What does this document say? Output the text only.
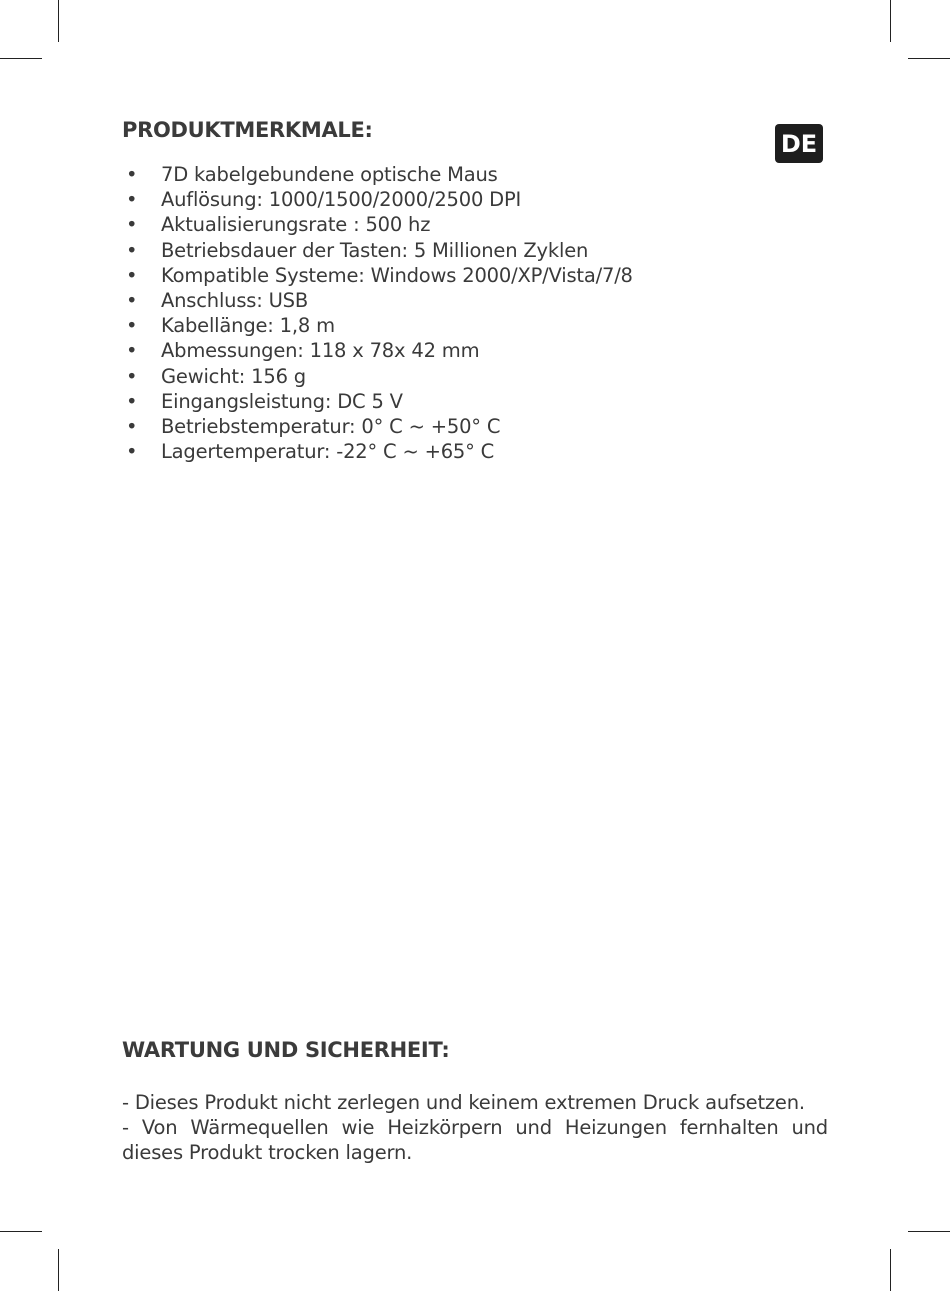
DE
PRODUKTMERKMALE:
• 7D kabelgebundene optische Maus
• Auflösung: 1000/1500/2000/2500 DPI
• Aktualisierungsrate : 500 hz
• Betriebsdauer der Tasten: 5 Millionen Zyklen
• Kompatible Systeme: Windows 2000/XP/Vista/7/8
• Anschluss: USB
• Kabellänge: 1,8 m
• Abmessungen: 118 x 78x 42 mm
• Gewicht: 156 g
• Eingangsleistung: DC 5 V
• Betriebstemperatur: 0° C ~ +50° C
• Lagertemperatur: -22° C ~ +65° C
WARTUNG UND SICHERHEIT:

- Dieses Produkt nicht zerlegen und keinem extremen Druck aufsetzen.

- Von Wärmequellen wie Heizkörpern und Heizungen fernhalten und dieses Produkt trocken lagern.
